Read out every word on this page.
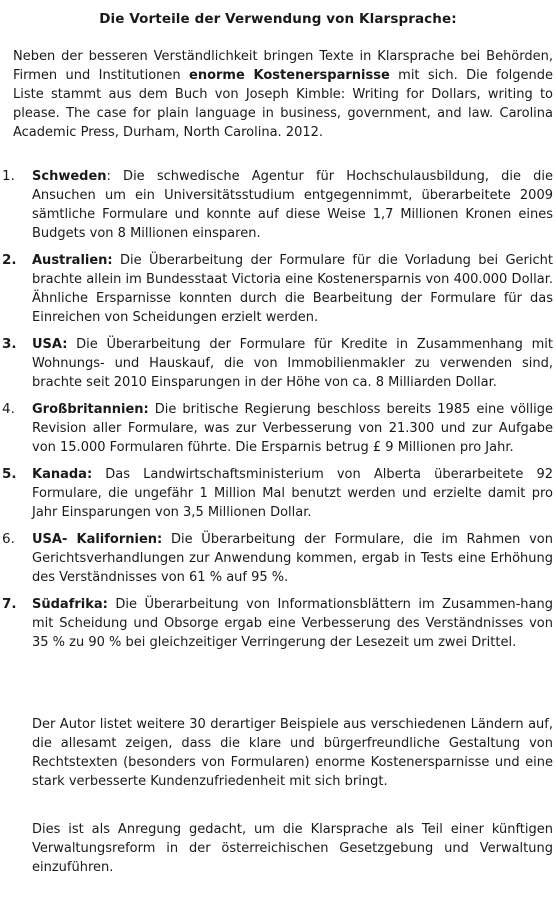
Die Vorteile der Verwendung von Klarsprache:

Neben der besseren Verständlichkeit bringen Texte in Klarsprache bei Behörden, Firmen und Institutionen enorme Kostenersparnisse mit sich. Die folgende Liste stammt aus dem Buch von Joseph Kimble: Writing for Dollars, writing to please. The case for plain language in business, government, and law. Carolina Academic Press, Durham, North Carolina. 2012.

1. Schweden: Die schwedische Agentur für Hochschulausbildung, die die Ansuchen um ein Universitätsstudium entgegennimmt, überarbeitete 2009 sämtliche Formulare und konnte auf diese Weise 1,7 Millionen Kronen eines Budgets von 8 Millionen einsparen.
2. Australien: Die Überarbeitung der Formulare für die Vorladung bei Gericht brachte allein im Bundesstaat Victoria eine Kostenersparnis von 400.000 Dollar. Ähnliche Ersparnisse konnten durch die Bearbeitung der Formulare für das Einreichen von Scheidungen erzielt werden.
3. USA: Die Überarbeitung der Formulare für Kredite in Zusammenhang mit Wohnungs- und Hauskauf, die von Immobilienmakler zu verwenden sind, brachte seit 2010 Einsparungen in der Höhe von ca. 8 Milliarden Dollar.
4. Großbritannien: Die britische Regierung beschloss bereits 1985 eine völlige Revision aller Formulare, was zur Verbesserung von 21.300 und zur Aufgabe von 15.000 Formularen führte. Die Ersparnis betrug £ 9 Millionen pro Jahr.
5. Kanada: Das Landwirtschaftsministerium von Alberta überarbeitete 92 Formulare, die ungefähr 1 Million Mal benutzt werden und erzielte damit pro Jahr Einsparungen von 3,5 Millionen Dollar.
6. USA- Kalifornien: Die Überarbeitung der Formulare, die im Rahmen von Gerichtsverhandlungen zur Anwendung kommen, ergab in Tests eine Erhöhung des Verständnisses von 61 % auf 95 %.
7. Südafrika: Die Überarbeitung von Informationsblättern im Zusammen-hang mit Scheidung und Obsorge ergab eine Verbesserung des Verständnisses von 35 % zu 90 % bei gleichzeitiger Verringerung der Lesezeit um zwei Drittel.

Der Autor listet weitere 30 derartiger Beispiele aus verschiedenen Ländern auf, die allesamt zeigen, dass die klare und bürgerfreundliche Gestaltung von Rechtstexten (besonders von Formularen) enorme Kostenersparnisse und eine stark verbesserte Kundenzufriedenheit mit sich bringt.

Dies ist als Anregung gedacht, um die Klarsprache als Teil einer künftigen Verwaltungsreform in der österreichischen Gesetzgebung und Verwaltung einzuführen.
